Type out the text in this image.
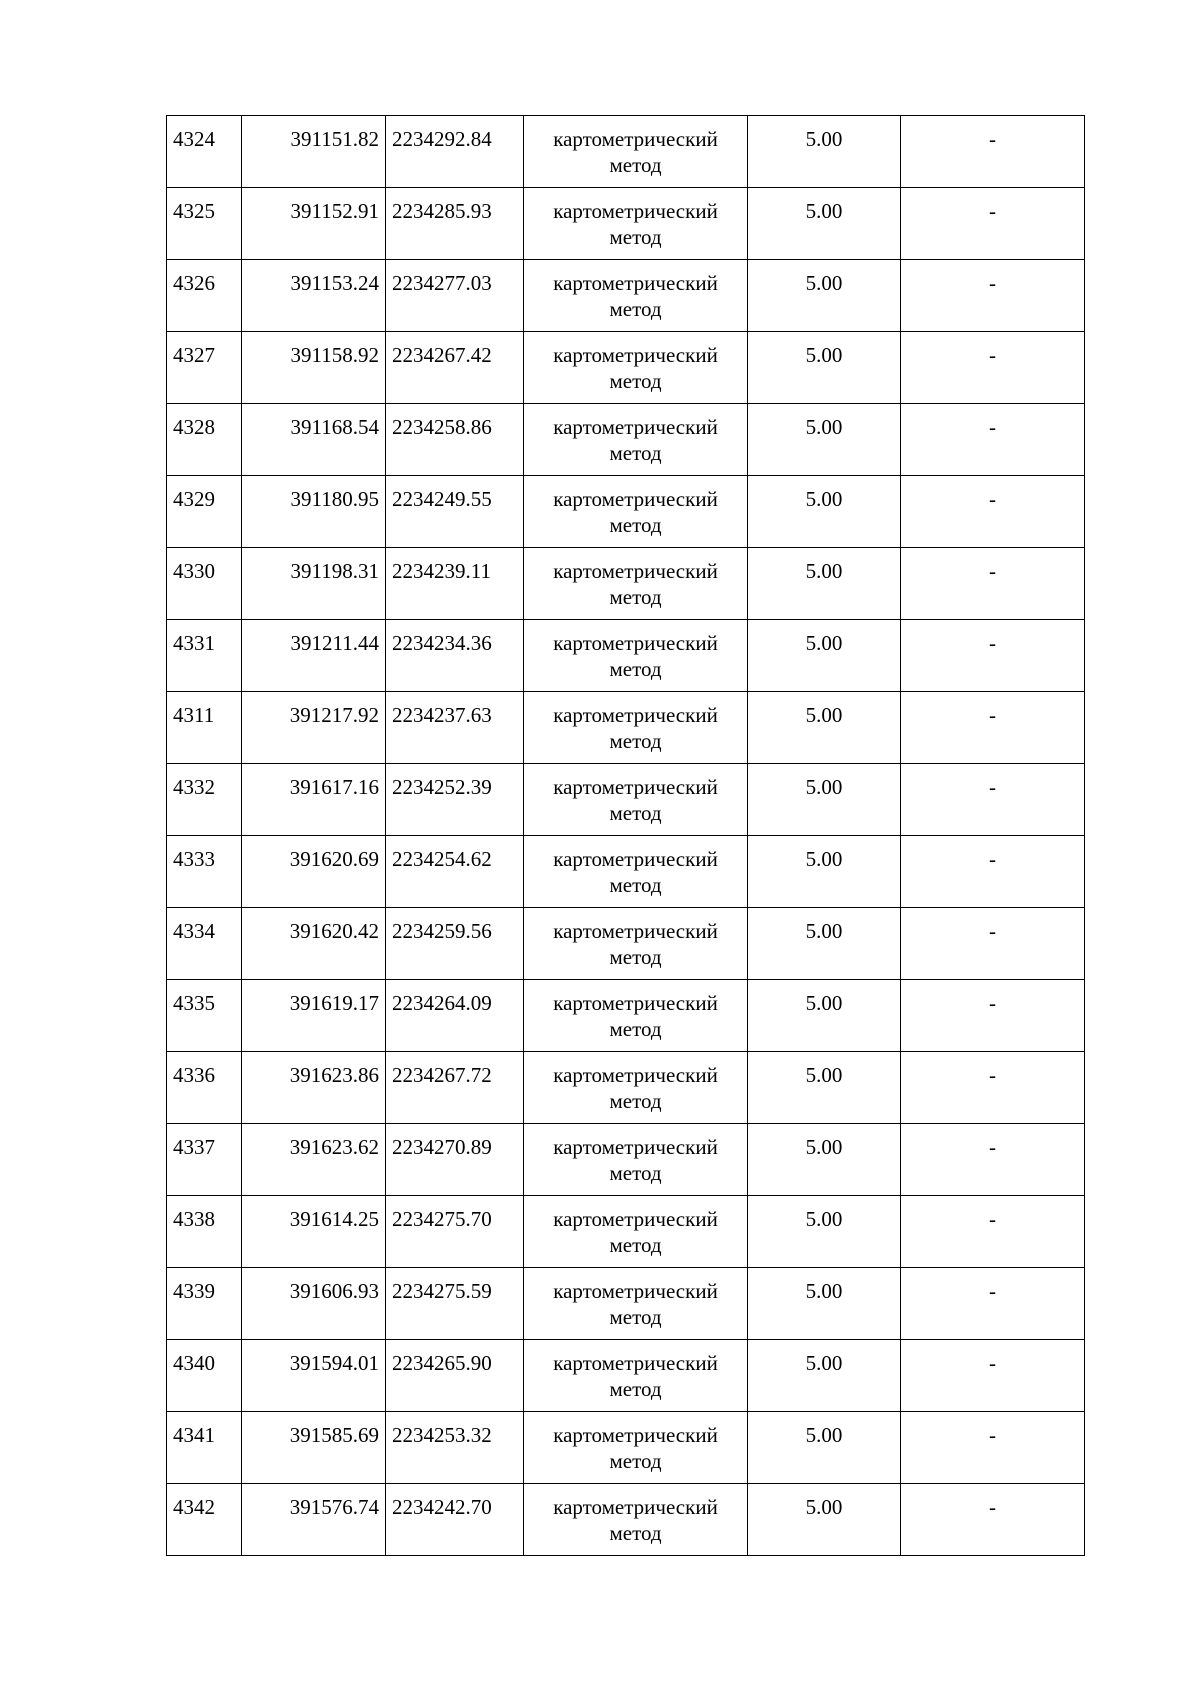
4324	391151.82	2234292.84	картометрический метод	5.00	-
4325	391152.91	2234285.93	картометрический метод	5.00	-
4326	391153.24	2234277.03	картометрический метод	5.00	-
4327	391158.92	2234267.42	картометрический метод	5.00	-
4328	391168.54	2234258.86	картометрический метод	5.00	-
4329	391180.95	2234249.55	картометрический метод	5.00	-
4330	391198.31	2234239.11	картометрический метод	5.00	-
4331	391211.44	2234234.36	картометрический метод	5.00	-
4311	391217.92	2234237.63	картометрический метод	5.00	-
4332	391617.16	2234252.39	картометрический метод	5.00	-
4333	391620.69	2234254.62	картометрический метод	5.00	-
4334	391620.42	2234259.56	картометрический метод	5.00	-
4335	391619.17	2234264.09	картометрический метод	5.00	-
4336	391623.86	2234267.72	картометрический метод	5.00	-
4337	391623.62	2234270.89	картометрический метод	5.00	-
4338	391614.25	2234275.70	картометрический метод	5.00	-
4339	391606.93	2234275.59	картометрический метод	5.00	-
4340	391594.01	2234265.90	картометрический метод	5.00	-
4341	391585.69	2234253.32	картометрический метод	5.00	-
4342	391576.74	2234242.70	картометрический метод	5.00	-
